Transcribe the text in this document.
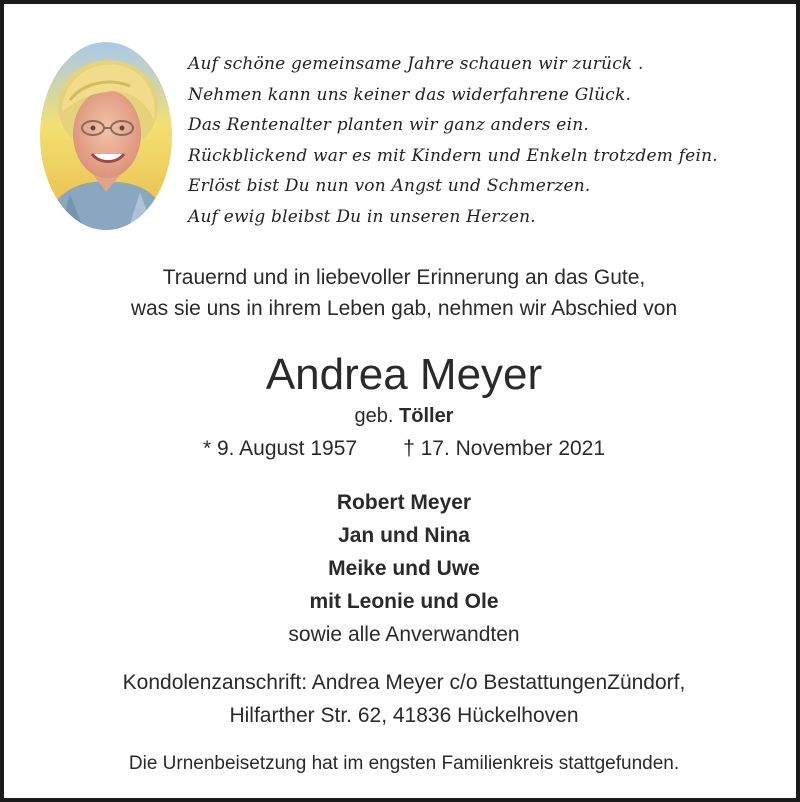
Auf schöne gemeinsame Jahre schauen wir zurück .
Nehmen kann uns keiner das widerfahrene Glück.
Das Rentenalter planten wir ganz anders ein.
Rückblickend war es mit Kindern und Enkeln trotzdem fein.
Erlöst bist Du nun von Angst und Schmerzen.
Auf ewig bleibst Du in unseren Herzen.
Trauernd und in liebevoller Erinnerung an das Gute,
was sie uns in ihrem Leben gab, nehmen wir Abschied von
Andrea Meyer
geb. Töller
* 9. August 1957 † 17. November 2021
Robert Meyer
Jan und Nina
Meike und Uwe
mit Leonie und Ole
sowie alle Anverwandten
Kondolenzanschrift: Andrea Meyer c/o BestattungenZündorf,
Hilfarther Str. 62, 41836 Hückelhoven
Die Urnenbeisetzung hat im engsten Familienkreis stattgefunden.
